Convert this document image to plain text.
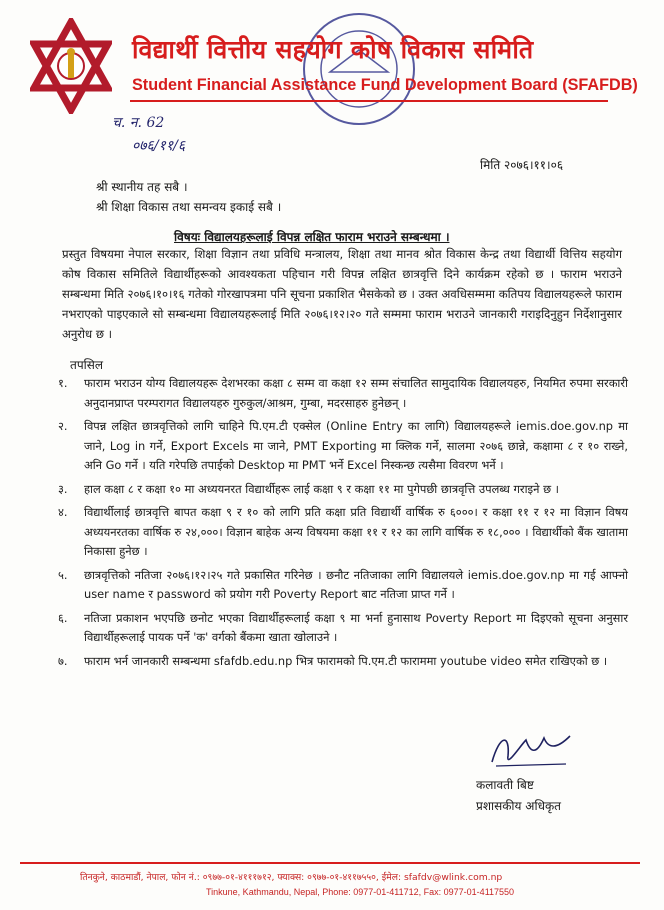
विद्यार्थी वित्तीय सहयोग कोष विकास समिति
Student Financial Assistance Fund Development Board (SFAFDB)
च. न. 62
०७६/११/६
मिति २०७६।११।०६
श्री स्थानीय तह सबै ।
श्री शिक्षा विकास तथा समन्वय इकाई सबै ।
विषयः विद्यालयहरूलाई विपन्न लक्षित फाराम भराउने सम्बन्धमा ।
प्रस्तुत विषयमा नेपाल सरकार, शिक्षा विज्ञान तथा प्रविधि मन्त्रालय, शिक्षा तथा मानव श्रोत विकास केन्द्र तथा विद्यार्थी वित्तिय सहयोग कोष विकास समितिले विद्यार्थीहरूको आवश्यकता पहिचान गरी विपन्न लक्षित छात्रवृत्ति दिने कार्यक्रम रहेको छ । फाराम भराउने सम्बन्धमा मिति २०७६।१०।१६ गतेको गोरखापत्रमा पनि सूचना प्रकाशित भैसकेको छ । उक्त अवधिसम्ममा कतिपय विद्यालयहरूले फाराम नभराएको पाइएकाले सो सम्बन्धमा विद्यालयहरूलाई मिति २०७६।१२।२० गते सम्ममा फाराम भराउने जानकारी गराइदिनुहुन निर्देशानुसार अनुरोध छ ।
तपसिल
१.	फाराम भराउन योग्य विद्यालयहरू देशभरका कक्षा ८ सम्म वा कक्षा १२ सम्म संचालित सामुदायिक विद्यालयहरु, नियमित रुपमा सरकारी अनुदानप्राप्त परम्परागत विद्यालयहरु गुरुकुल/आश्रम, गुम्बा, मदरसाहरु हुनेछन् ।
२.	विपन्न लक्षित छात्रवृत्तिको लागि चाहिने पि.एम.टी एक्सेल (Online Entry का लागि) विद्यालयहरूले iemis.doe.gov.np मा जाने, Log in गर्ने, Export Excels मा जाने, PMT Exporting मा क्लिक गर्ने, सालमा २०७६ छान्ने, कक्षामा ८ र १० राख्ने, अनि Go गर्ने । यति गरेपछि तपाईको Desktop मा PMT भर्ने Excel निस्कन्छ त्यसैमा विवरण भर्ने ।
३.	हाल कक्षा ८ र कक्षा १० मा अध्ययनरत विद्यार्थीहरू लाई कक्षा ९ र कक्षा ११ मा पुगेपछी छात्रवृत्ति उपलब्ध गराइने छ ।
४.	विद्यार्थीलाई छात्रवृत्ति बापत कक्षा ९ र १० को लागि प्रति कक्षा प्रति विद्यार्थी वार्षिक रु ६०००। र कक्षा ११ र १२ मा विज्ञान विषय अध्ययनरतका वार्षिक रु २४,०००। विज्ञान बाहेक अन्य विषयमा कक्षा ११ र १२ का लागि वार्षिक रु १८,००० । विद्यार्थीको बैंक खातामा निकासा हुनेछ ।
५.	छात्रवृत्तिको नतिजा २०७६।१२।२५ गते प्रकासित गरिनेछ । छनौट नतिजाका लागि विद्यालयले iemis.doe.gov.np मा गई आफ्नो user name र password को प्रयोग गरी Poverty Report बाट नतिजा प्राप्त गर्ने ।
६.	नतिजा प्रकाशन भएपछि छनोट भएका विद्यार्थीहरूलाई कक्षा ९ मा भर्ना हुनासाथ Poverty Report मा दिइएको सूचना अनुसार विद्यार्थीहरूलाई पायक पर्ने 'क' वर्गको बैंकमा खाता खोलाउने ।
७.	फाराम भर्न जानकारी सम्बन्धमा sfafdb.edu.np भित्र फारामको पि.एम.टी फाराममा youtube video समेत राखिएको छ ।
कलावती बिष्ट
प्रशासकीय अधिकृत
तिनकुने, काठमाडौं, नेपाल, फोन नं.: ०९७७-०१-४१११७१२, फ्याक्स: ०९७७-०१-४११७५५०, ईमेल: sfafdv@wlink.com.np
Tinkune, Kathmandu, Nepal, Phone: 0977-01-411712, Fax: 0977-01-4117550
